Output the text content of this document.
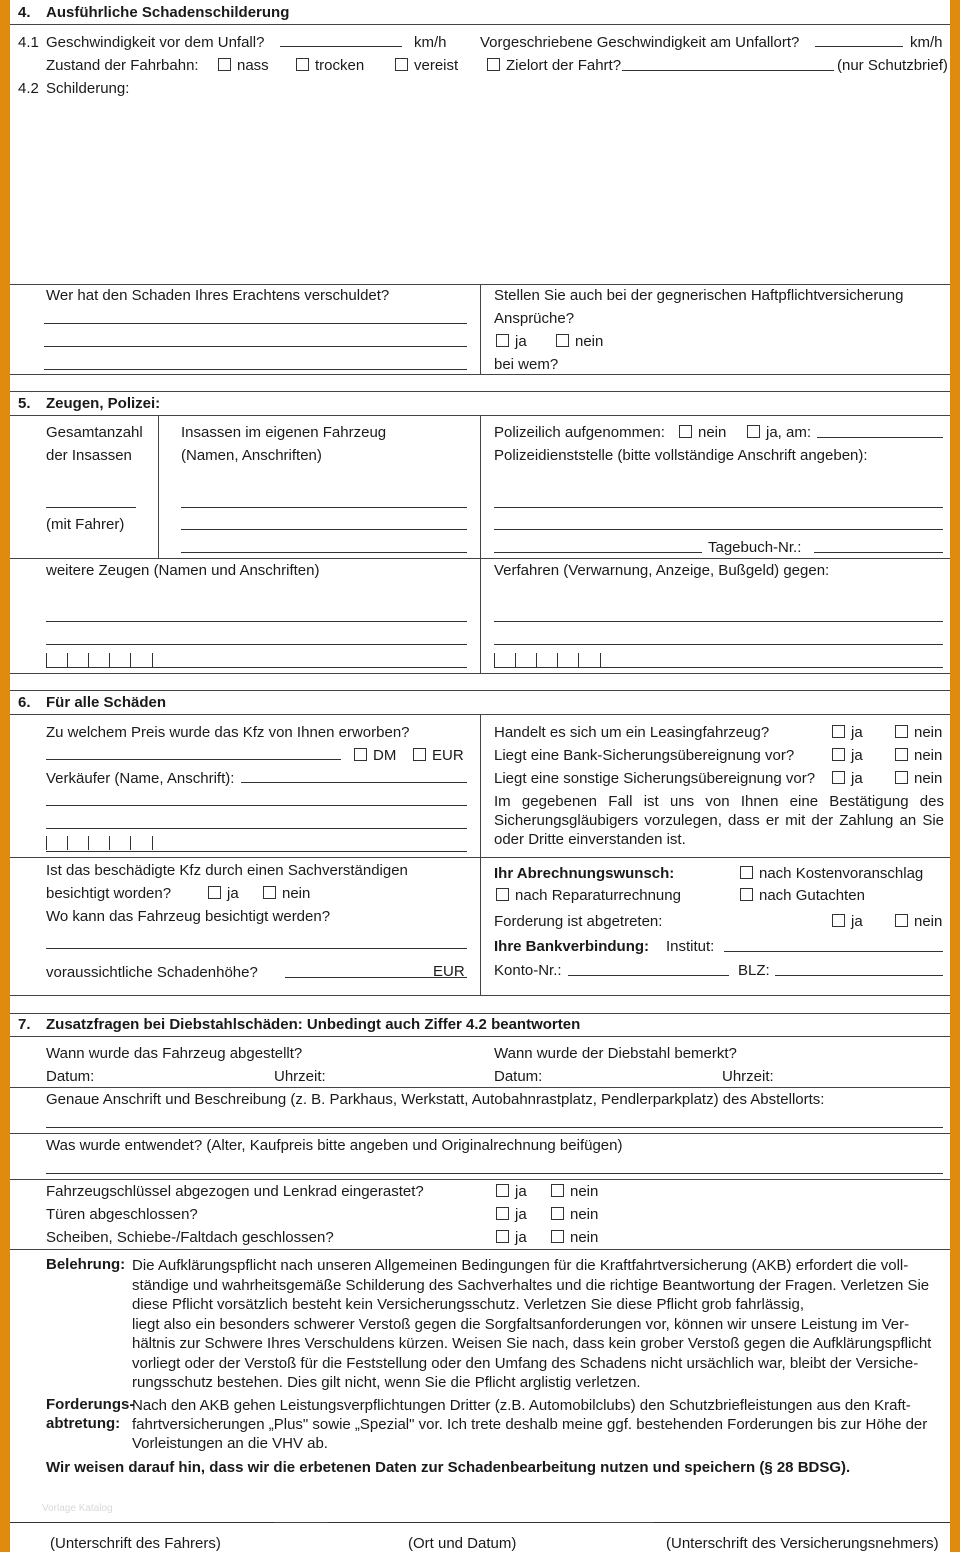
4. Ausführliche Schadenschilderung
4.1 Geschwindigkeit vor dem Unfall?	km/h Vorgeschriebene Geschwindigkeit am Unfallort?	km/h
Zustand der Fahrbahn:	nass	trocken	vereist	Zielort der Fahrt?	(nur Schutzbrief)
4.2 Schilderung:
Wer hat den Schaden Ihres Erachtens verschuldet?	Stellen Sie auch bei der gegnerischen Haftpflichtversicherung
Ansprüche?
ja	nein
bei wem?
5. Zeugen, Polizei:
Gesamtanzahl
der Insassen
(mit Fahrer)
Insassen im eigenen Fahrzeug
(Namen, Anschriften)
Polizeilich aufgenommen:	nein	ja, am:
Polizeidienststelle (bitte vollständige Anschrift angeben):
Tagebuch-Nr.:
weitere Zeugen (Namen und Anschriften)	Verfahren (Verwarnung, Anzeige, Bußgeld) gegen:
6. Für alle Schäden
Zu welchem Preis wurde das Kfz von Ihnen erworben?
DM	EUR
Verkäufer (Name, Anschrift):
Handelt es sich um ein Leasingfahrzeug?	ja	nein
Liegt eine Bank-Sicherungsübereignung vor?	ja	nein
Liegt eine sonstige Sicherungsübereignung vor?	ja	nein
Im gegebenen Fall ist uns von Ihnen eine Bestätigung des Sicherungsgläubigers vorzulegen, dass er mit der Zahlung an Sie oder Dritte einverstanden ist.
Ist das beschädigte Kfz durch einen Sachverständigen
besichtigt worden?	ja	nein
Wo kann das Fahrzeug besichtigt werden?
voraussichtliche Schadenhöhe?	EUR
Ihr Abrechnungswunsch:	nach Kostenvoranschlag
nach Reparaturrechnung	nach Gutachten
Forderung ist abgetreten:	ja	nein
Ihre Bankverbindung: Institut:
Konto-Nr.:	BLZ:
7. Zusatzfragen bei Diebstahlschäden: Unbedingt auch Ziffer 4.2 beantworten
Wann wurde das Fahrzeug abgestellt?
Datum:	Uhrzeit:
Wann wurde der Diebstahl bemerkt?
Datum:	Uhrzeit:
Genaue Anschrift und Beschreibung (z. B. Parkhaus, Werkstatt, Autobahnrastplatz, Pendlerparkplatz) des Abstellorts:
Was wurde entwendet? (Alter, Kaufpreis bitte angeben und Originalrechnung beifügen)
Fahrzeugschlüssel abgezogen und Lenkrad eingerastet?	ja	nein
Türen abgeschlossen?	ja	nein
Scheiben, Schiebe-/Faltdach geschlossen?	ja	nein
Belehrung: Die Aufklärungspflicht nach unseren Allgemeinen Bedingungen für die Kraftfahrtversicherung (AKB) erfordert die voll-
ständige und wahrheitsgemäße Schilderung des Sachverhaltes und die richtige Beantwortung der Fragen. Verletzen Sie
diese Pflicht vorsätzlich besteht kein Versicherungsschutz. Verletzen Sie diese Pflicht grob fahrlässig,
liegt also ein besonders schwerer Verstoß gegen die Sorgfaltsanforderungen vor, können wir unsere Leistung im Ver-
hältnis zur Schwere Ihres Verschuldens kürzen. Weisen Sie nach, dass kein grober Verstoß gegen die Aufklärungspflicht
vorliegt oder der Verstoß für die Feststellung oder den Umfang des Schadens nicht ursächlich war, bleibt der Versiche-
rungsschutz bestehen. Dies gilt nicht, wenn Sie die Pflicht arglistig verletzen.
Forderungs-
abtretung:
Nach den AKB gehen Leistungsverpflichtungen Dritter (z.B. Automobilclubs) den Schutzbriefleistungen aus den Kraft-
fahrtversicherungen „Plus" sowie „Spezial" vor. Ich trete deshalb meine ggf. bestehenden Forderungen bis zur Höhe der
Vorleistungen an die VHV ab.
Wir weisen darauf hin, dass wir die erbetenen Daten zur Schadenbearbeitung nutzen und speichern (§ 28 BDSG).
Vorlage Katalog
(Unterschrift des Fahrers)	(Ort und Datum)	(Unterschrift des Versicherungsnehmers)
